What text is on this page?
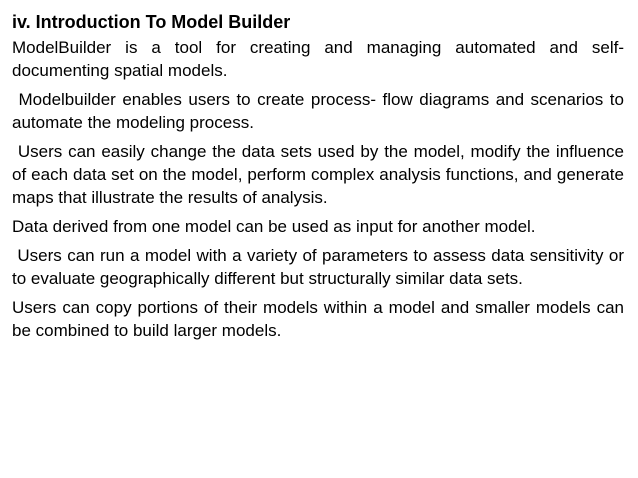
iv. Introduction To Model Builder

ModelBuilder is a tool for creating and managing automated and self-documenting spatial models.

Modelbuilder enables users to create process- flow diagrams and scenarios to automate the modeling process.

Users can easily change the data sets used by the model, modify the influence of each data set on the model, perform complex analysis functions, and generate maps that illustrate the results of analysis.

Data derived from one model can be used as input for another model.

Users can run a model with a variety of parameters to assess data sensitivity or to evaluate geographically different but structurally similar data sets.

Users can copy portions of their models within a model and smaller models can be combined to build larger models.
